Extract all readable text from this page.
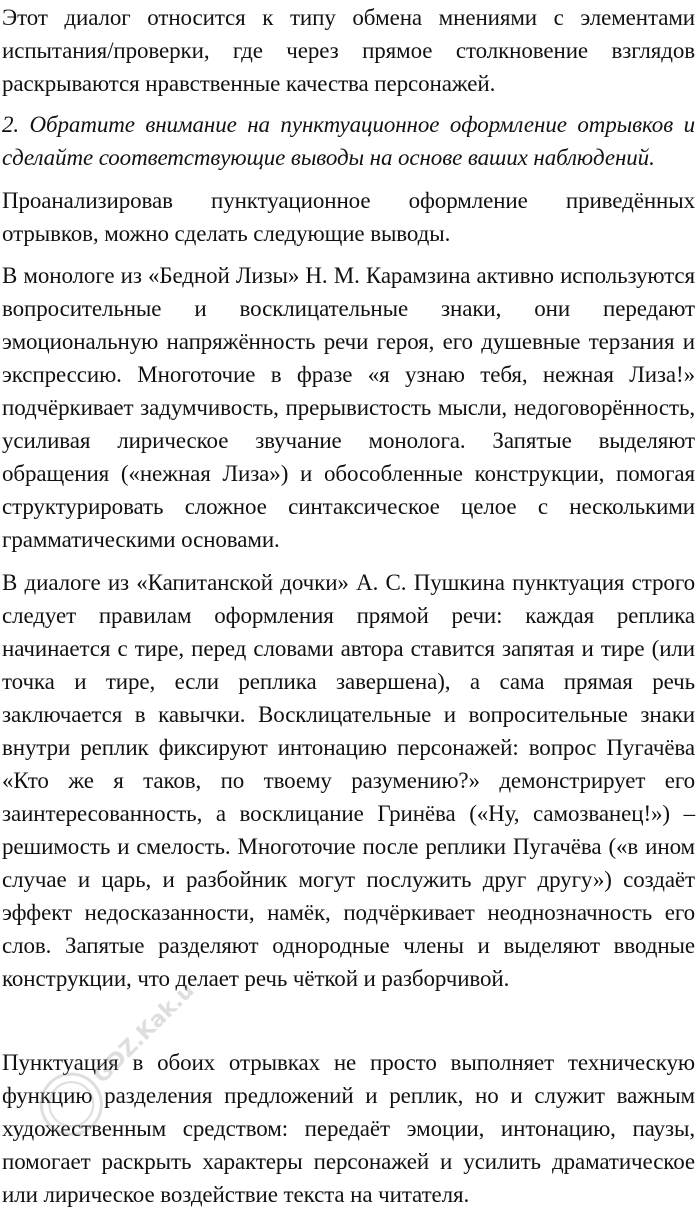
Этот диалог относится к типу обмена мнениями с элементами испытания/проверки, где через прямое столкновение взглядов раскрываются нравственные качества персонажей.

2. Обратите внимание на пунктуационное оформление отрывков и сделайте соответствующие выводы на основе ваших наблюдений.

Проанализировав пунктуационное оформление приведённых отрывков, можно сделать следующие выводы.

В монологе из «Бедной Лизы» Н. М. Карамзина активно используются вопросительные и восклицательные знаки, они передают эмоциональную напряжённость речи героя, его душевные терзания и экспрессию. Многоточие в фразе «я узнаю тебя, нежная Лиза!» подчёркивает задумчивость, прерывистость мысли, недоговорённость, усиливая лирическое звучание монолога. Запятые выделяют обращения («нежная Лиза») и обособленные конструкции, помогая структурировать сложное синтаксическое целое с несколькими грамматическими основами.

В диалоге из «Капитанской дочки» А. С. Пушкина пунктуация строго следует правилам оформления прямой речи: каждая реплика начинается с тире, перед словами автора ставится запятая и тире (или точка и тире, если реплика завершена), а сама прямая речь заключается в кавычки. Восклицательные и вопросительные знаки внутри реплик фиксируют интонацию персонажей: вопрос Пугачёва «Кто же я таков, по твоему разумению?» демонстрирует его заинтересованность, а восклицание Гринёва («Ну, самозванец!») – решимость и смелость. Многоточие после реплики Пугачёва («в ином случае и царь, и разбойник могут послужить друг другу») создаёт эффект недосказанности, намёк, подчёркивает неоднозначность его слов. Запятые разделяют однородные члены и выделяют вводные конструкции, что делает речь чёткой и разборчивой.

Пунктуация в обоих отрывках не просто выполняет техническую функцию разделения предложений и реплик, но и служит важным художественным средством: передаёт эмоции, интонацию, паузы, помогает раскрыть характеры персонажей и усилить драматическое или лирическое воздействие текста на читателя.

GDZ.Kak.u
